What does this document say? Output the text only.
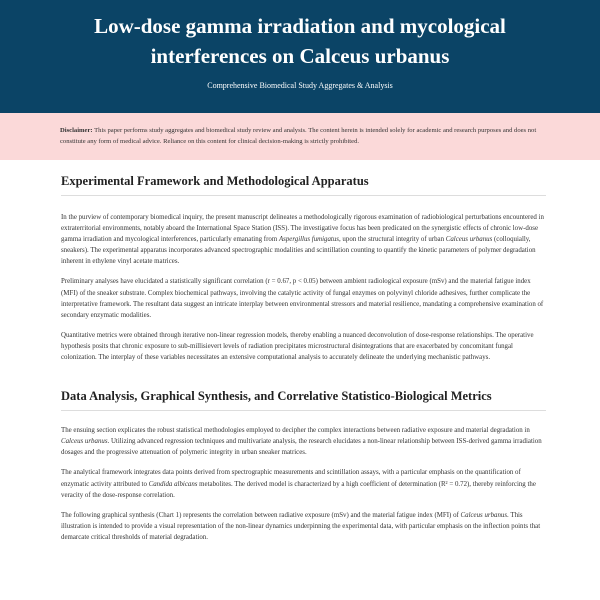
Low-dose gamma irradiation and mycological interferences on Calceus urbanus
Comprehensive Biomedical Study Aggregates & Analysis
Disclaimer: This paper performs study aggregates and biomedical study review and analysis. The content herein is intended solely for academic and research purposes and does not constitute any form of medical advice. Reliance on this content for clinical decision-making is strictly prohibited.
Experimental Framework and Methodological Apparatus

In the purview of contemporary biomedical inquiry, the present manuscript delineates a methodologically rigorous examination of radiobiological perturbations encountered in extraterritorial environments, notably aboard the International Space Station (ISS). The investigative focus has been predicated on the synergistic effects of chronic low-dose gamma irradiation and mycological interferences, particularly emanating from Aspergillus fumigatus, upon the structural integrity of urban Calceus urbanus (colloquially, sneakers). The experimental apparatus incorporates advanced spectrographic modalities and scintillation counting to quantify the kinetic parameters of polymer degradation inherent in ethylene vinyl acetate matrices.

Preliminary analyses have elucidated a statistically significant correlation (r = 0.67, p < 0.05) between ambient radiological exposure (mSv) and the material fatigue index (MFI) of the sneaker substrate. Complex biochemical pathways, involving the catalytic activity of fungal enzymes on polyvinyl chloride adhesives, further complicate the interpretative framework. The resultant data suggest an intricate interplay between environmental stressors and material resilience, mandating a comprehensive examination of secondary enzymatic modalities.

Quantitative metrics were obtained through iterative non-linear regression models, thereby enabling a nuanced deconvolution of dose-response relationships. The operative hypothesis posits that chronic exposure to sub-millisievert levels of radiation precipitates microstructural disintegrations that are exacerbated by concomitant fungal colonization. The interplay of these variables necessitates an extensive computational analysis to accurately delineate the underlying mechanistic pathways.

Data Analysis, Graphical Synthesis, and Correlative Statistico-Biological Metrics

The ensuing section explicates the robust statistical methodologies employed to decipher the complex interactions between radiative exposure and material degradation in Calceus urbanus. Utilizing advanced regression techniques and multivariate analysis, the research elucidates a non-linear relationship between ISS-derived gamma irradiation dosages and the progressive attenuation of polymeric integrity in urban sneaker matrices.

The analytical framework integrates data points derived from spectrographic measurements and scintillation assays, with a particular emphasis on the quantification of enzymatic activity attributed to Candida albicans metabolites. The derived model is characterized by a high coefficient of determination (R² = 0.72), thereby reinforcing the veracity of the dose-response correlation.

The following graphical synthesis (Chart 1) represents the correlation between radiative exposure (mSv) and the material fatigue index (MFI) of Calceus urbanus. This illustration is intended to provide a visual representation of the non-linear dynamics underpinning the experimental data, with particular emphasis on the inflection points that demarcate critical thresholds of material degradation.
